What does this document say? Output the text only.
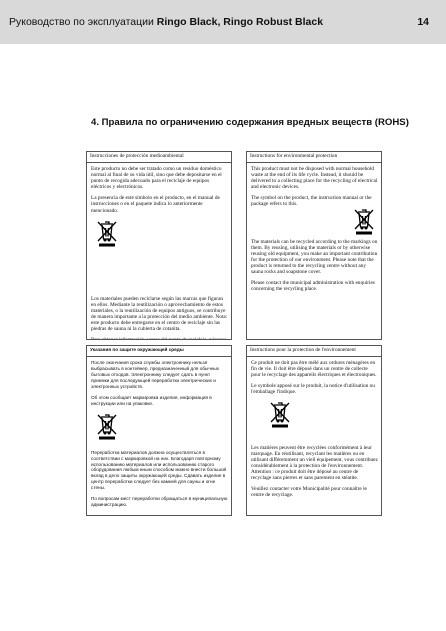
Руководство по эксплуатации Ringo Black, Ringo Robust Black	14
4. Правила по ограничению содержания вредных веществ (ROHS)
Instrucciones de protección medioambiental
Este producto no debe ser tratado como un residuo doméstico normal al final de su vida útil, sino que debe depositarse en el punto de recogida adecuado para el reciclaje de equipos eléctricos y electrónicos.
La presencia de este símbolo en el producto, en el manual de instrucciones o en el paquete indica lo anteriormente mencionado.
Los materiales pueden reciclarse según las marcas que figuran en ellos. Mediante la reutilización o aprovechamiento de estos materiales, o la reutilización de equipos antiguos, se contribuye de manera importante a la protección del medio ambiente. Nota: este producto debe entregarse en el centro de reciclaje sin las piedras de sauna ni la cubierta de cotanita.
Instructions for environmental protection
This product must not be disposed with normal household waste at the end of its life cycle. Instead, it should be delivered to a collecting place for the recycling of electrical and electronic devices.
The symbol on the product, the instruction manual or the package refers to this.
The materials can be recycled according to the markings on them. By reusing, utilising the materials or by otherwise reusing old equipment, you make an important contribution for the protection of our environment. Please note that the product is returned to the recycling centre without any sauna rocks and soapstone cover.
Please contact the municipal administration with enquiries concerning the recycling place.
Указания по защите окружающей среды
После окончания срока службы электроннику нельзя выбрасывать в контейнер, предназначенный для обычных бытовых отходов. Электроннику следует сдать в пункт приемки для последующей переработки электрических и электронных устройств.
Об этом сообщает маркировка изделия, информация в инструкции или на упаковке.
Переработка материалов должна осуществляться в соответствии с маркировкой на них. Благодаря повторному использованию материалов или использованию старого оборудования любым иным способом можно внести большой вклад в дело защиты окружающей среды. Сдавать изделие в центр переработки следует без камней для сауны и огне стены.
По вопросам мест переработки обращаться в муниципальную администрацию.
Instructions pour la protection de l'environnement
Ce produit ne doit pas être mélé aux ordures ménagères en fin de vie. Il doit être déposé dans un centre de collecte pour le recyclage des appareils électriques et électroniques.
Le symbole apposé sur le produit, la notice d'utilisation ou l'emballage l'indique.
Les matières peuvent être recyclées conformément à leur marquage. En réutilisant, recyclant les matières ou en utilisant différemment un vieil équipement, vous contribuez considérablement à la protection de l'environnement. Attention : ce produit doit être déposé au centre de recyclage sans pierres et sans parement en stéatite.
Veuillez contacter votre Municipalité pour connaître le centre de recyclage.
